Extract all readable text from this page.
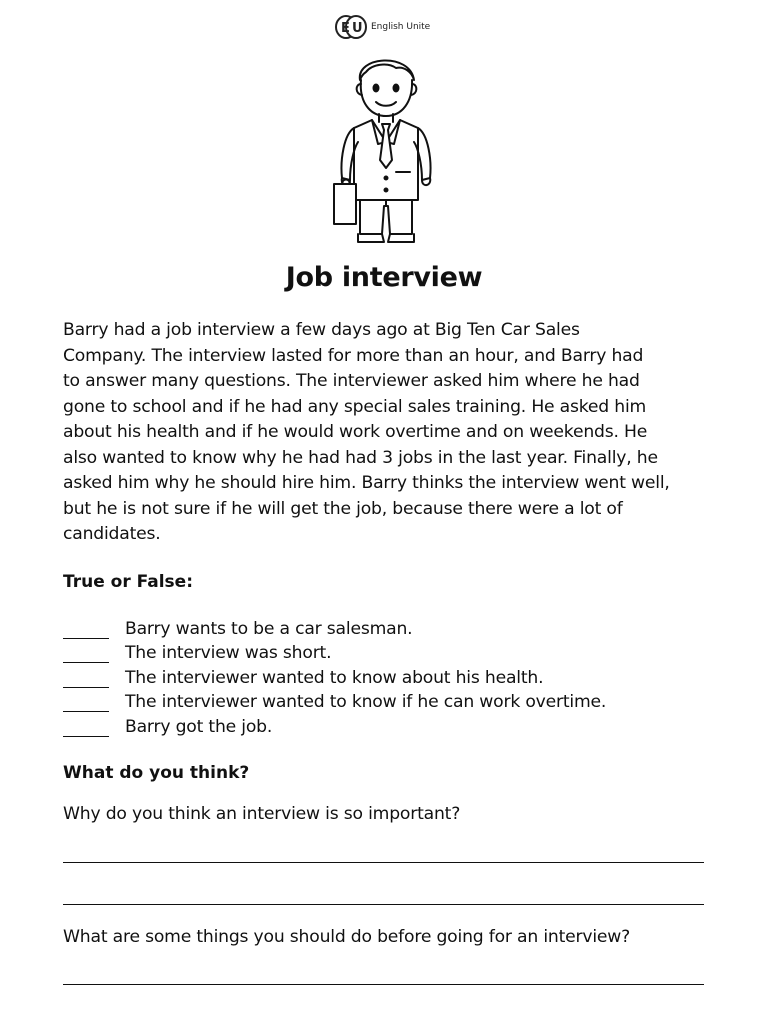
E U English Unite
Job interview
Barry had a job interview a few days ago at Big Ten Car Sales
Company. The interview lasted for more than an hour, and Barry had
to answer many questions. The interviewer asked him where he had
gone to school and if he had any special sales training. He asked him
about his health and if he would work overtime and on weekends. He
also wanted to know why he had had 3 jobs in the last year. Finally, he
asked him why he should hire him. Barry thinks the interview went well,
but he is not sure if he will get the job, because there were a lot of
candidates.
True or False:
Barry wants to be a car salesman.
The interview was short.
The interviewer wanted to know about his health.
The interviewer wanted to know if he can work overtime.
Barry got the job.
What do you think?
Why do you think an interview is so important?
What are some things you should do before going for an interview?
